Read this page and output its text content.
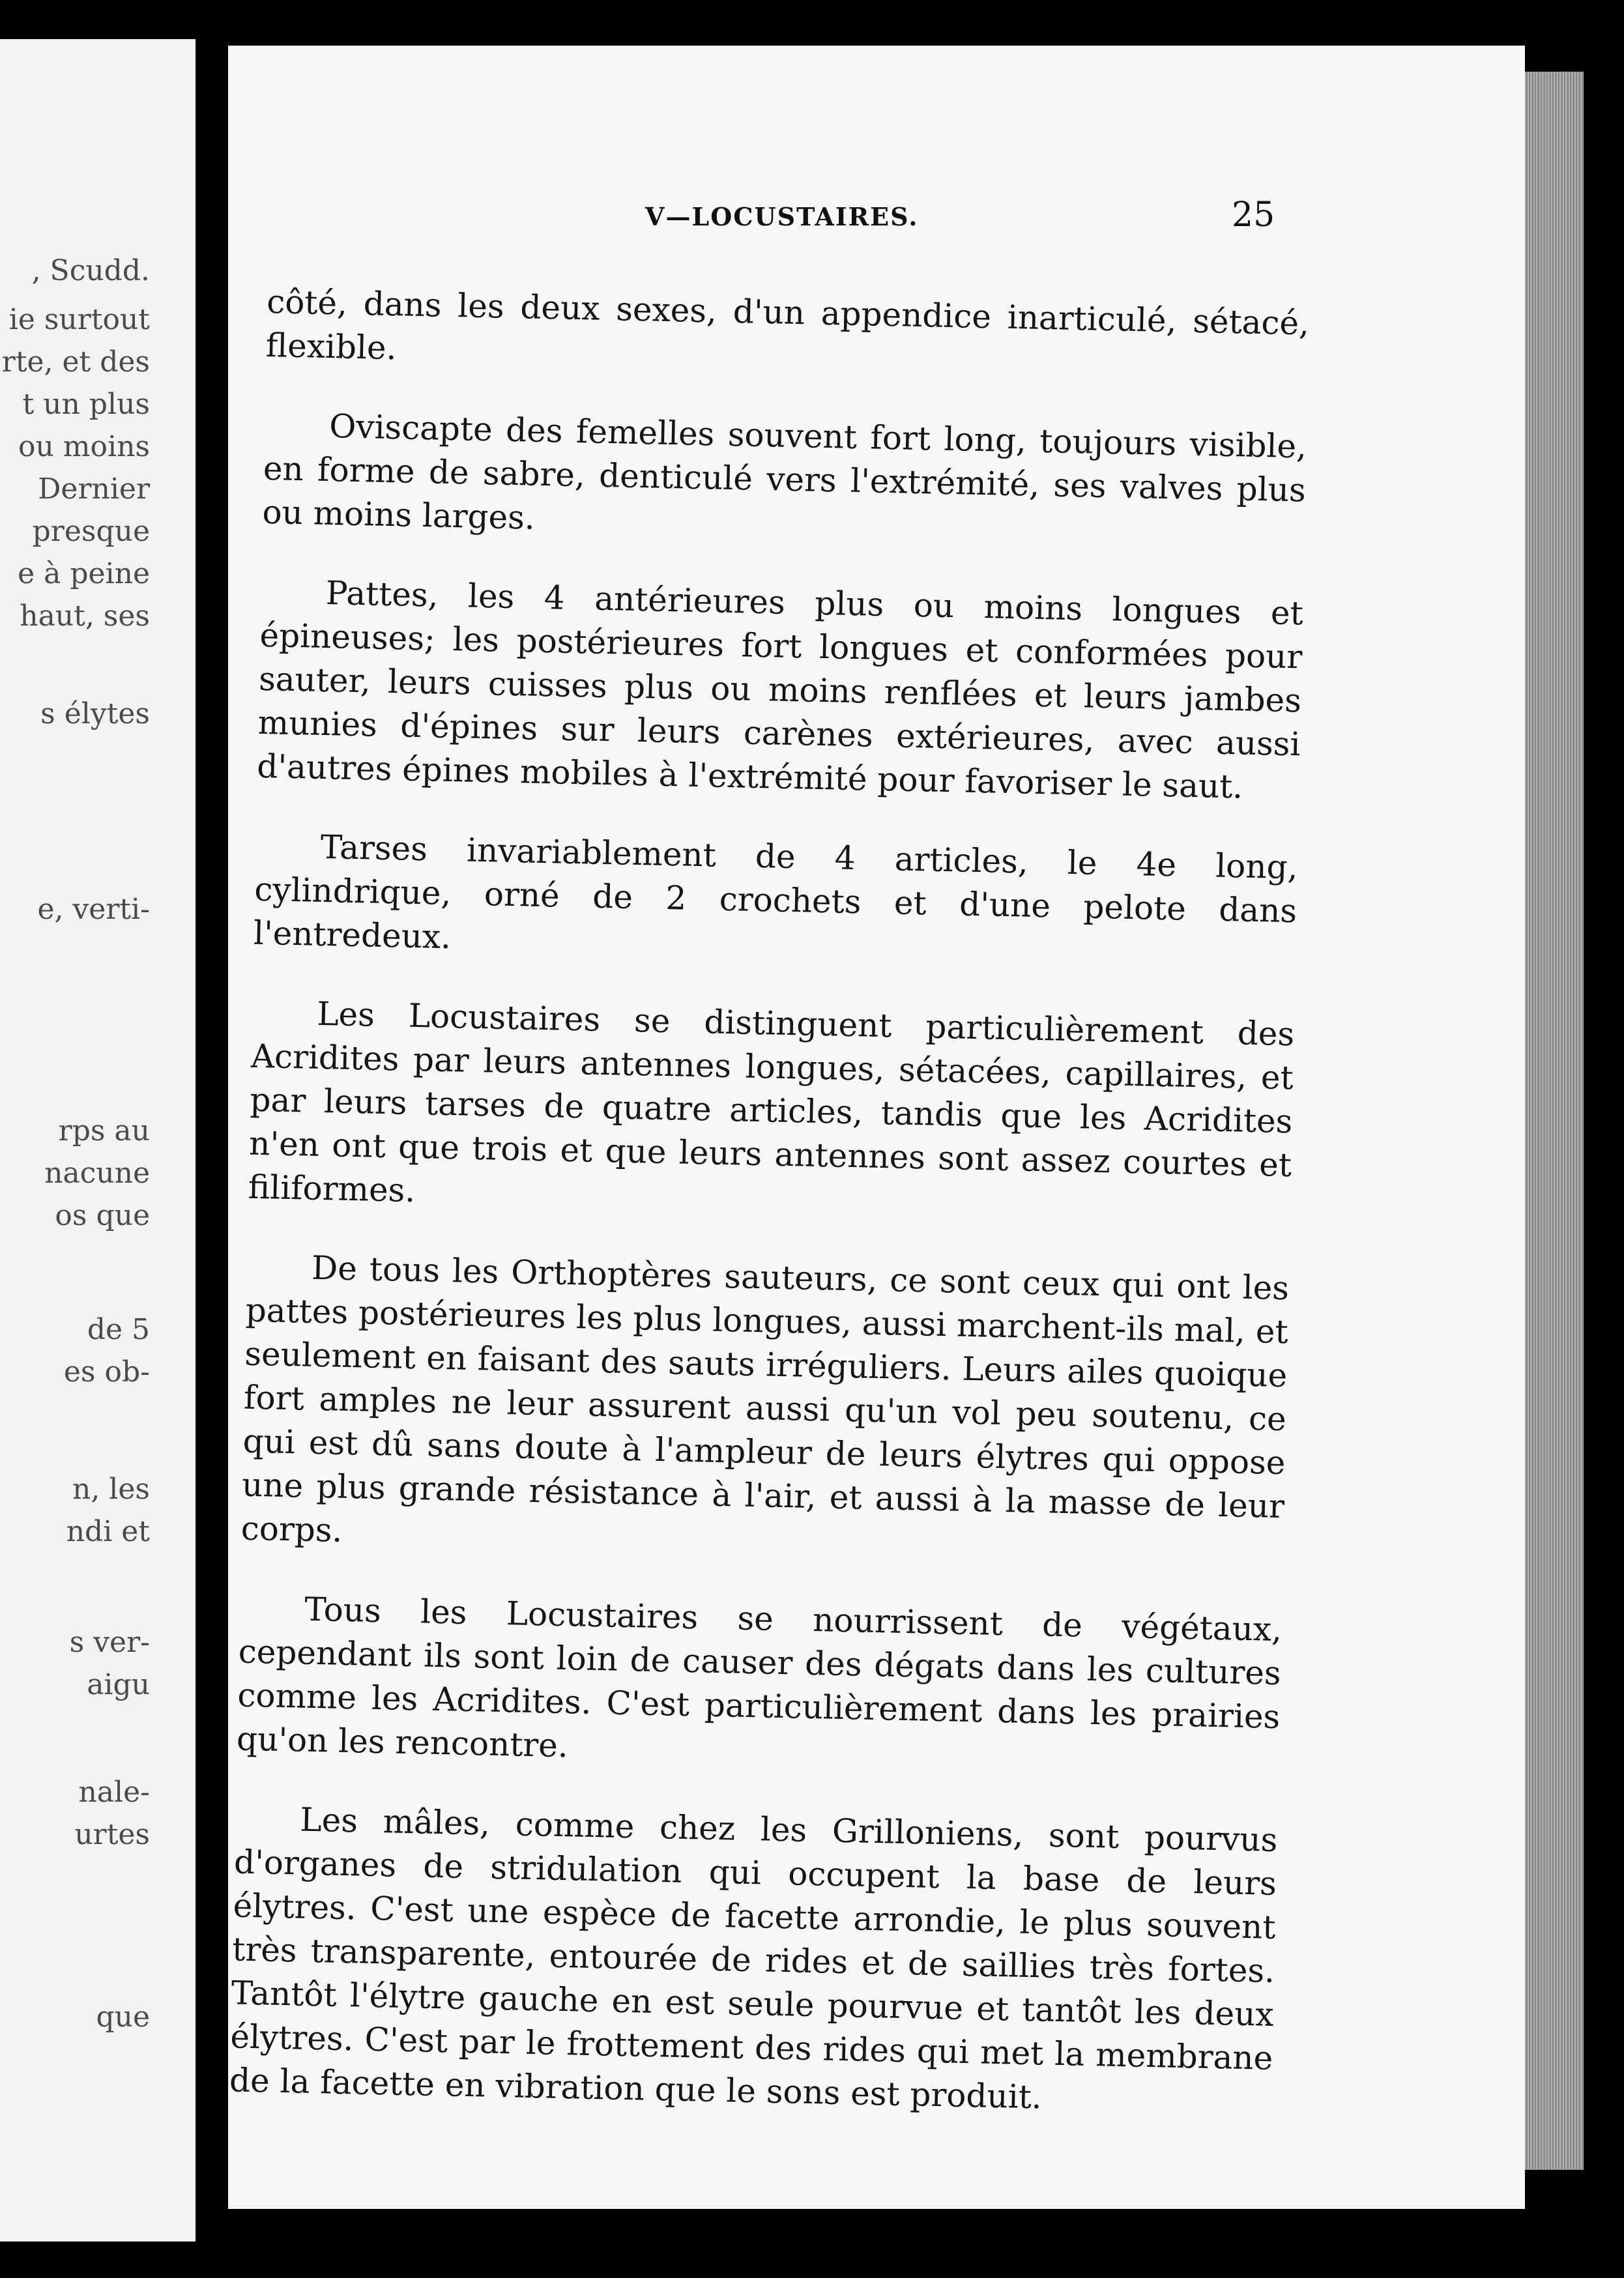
, Scudd.
ie surtout
rte, et des
t un plus
ou moins
Dernier
presque
e à peine
haut, ses
s élytes
e, verti-
rps au
nacune
os que
de 5
es ob-
n, les
ndi et
s ver-
aigu
nale-
urtes
que
V—LOCUSTAIRES.	25

côté, dans les deux sexes, d'un appendice inarticulé, sétacé, flexible.

Oviscapte des femelles souvent fort long, toujours visible, en forme de sabre, denticulé vers l'extrémité, ses valves plus ou moins larges.

Pattes, les 4 antérieures plus ou moins longues et épineuses; les postérieures fort longues et conformées pour sauter, leurs cuisses plus ou moins renflées et leurs jambes munies d'épines sur leurs carènes extérieures, avec aussi d'autres épines mobiles à l'extrémité pour favoriser le saut.

Tarses invariablement de 4 articles, le 4e long, cylindrique, orné de 2 crochets et d'une pelote dans l'entredeux.

Les Locustaires se distinguent particulièrement des Acridites par leurs antennes longues, sétacées, capillaires, et par leurs tarses de quatre articles, tandis que les Acridites n'en ont que trois et que leurs antennes sont assez courtes et filiformes.

De tous les Orthoptères sauteurs, ce sont ceux qui ont les pattes postérieures les plus longues, aussi marchent-ils mal, et seulement en faisant des sauts irréguliers. Leurs ailes quoique fort amples ne leur assurent aussi qu'un vol peu soutenu, ce qui est dû sans doute à l'ampleur de leurs élytres qui oppose une plus grande résistance à l'air, et aussi à la masse de leur corps.

Tous les Locustaires se nourrissent de végétaux, cependant ils sont loin de causer des dégats dans les cultures comme les Acridites. C'est particulièrement dans les prairies qu'on les rencontre.

Les mâles, comme chez les Grilloniens, sont pourvus d'organes de stridulation qui occupent la base de leurs élytres. C'est une espèce de facette arrondie, le plus souvent très transparente, entourée de rides et de saillies très fortes. Tantôt l'élytre gauche en est seule pourvue et tantôt les deux élytres. C'est par le frottement des rides qui met la membrane de la facette en vibration que le sons est produit.
